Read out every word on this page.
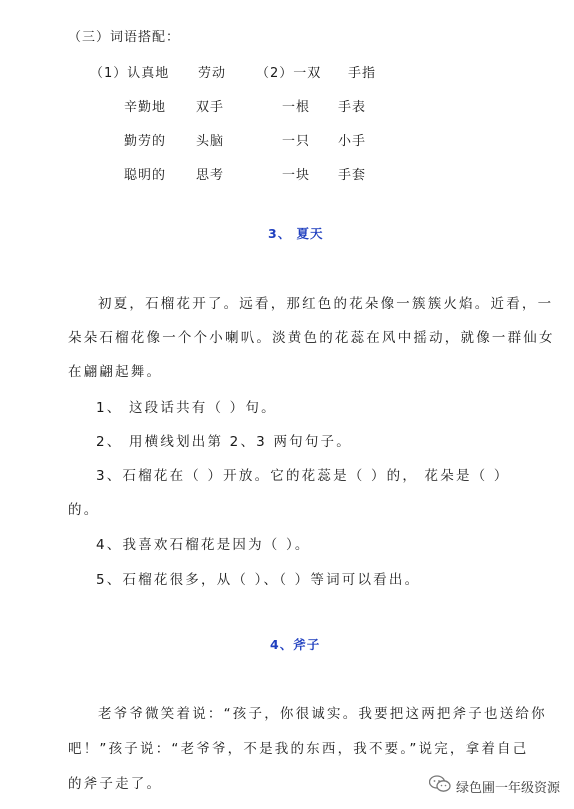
（三）词语搭配：
（1）认真地 劳动 （2）一双 手指
辛勤地 双手	一根 手表
勤劳的 头脑	一只 小手
聪明的 思考	一块 手套
3、 夏天
初夏，石榴花开了。远看，那红色的花朵像一簇簇火焰。近看，一
朵朵石榴花像一个个小喇叭。淡黄色的花蕊在风中摇动，就像一群仙女
在翩翩起舞。
1、 这段话共有（ ）句。
2、 用横线划出第 2、3 两句句子。
3、石榴花在（ ）开放。它的花蕊是（ ）的， 花朵是（ ）
的。
4、我喜欢石榴花是因为（ ）。
5、石榴花很多，从（ ）、（ ）等词可以看出。
4、斧子
老爷爷微笑着说：“孩子，你很诚实。我要把这两把斧子也送给你
吧！”孩子说：“老爷爷，不是我的东西，我不要。”说完，拿着自己
的斧子走了。	绿色圃一年级资源
